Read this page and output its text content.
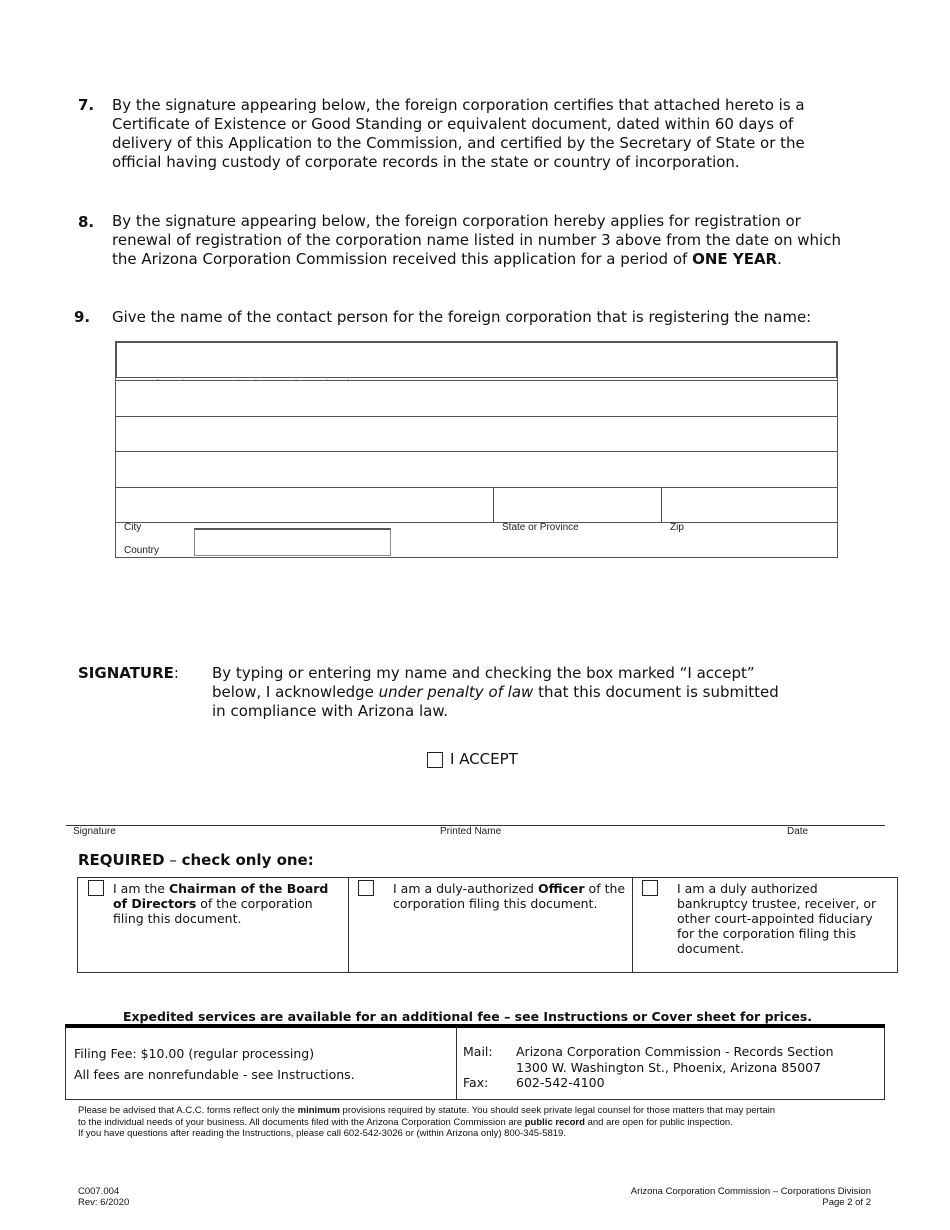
7. By the signature appearing below, the foreign corporation certifies that attached hereto is a
Certificate of Existence or Good Standing or equivalent document, dated within 60 days of
delivery of this Application to the Commission, and certified by the Secretary of State or the
official having custody of corporate records in the state or country of incorporation.
8. By the signature appearing below, the foreign corporation hereby applies for registration or
renewal of registration of the corporation name listed in number 3 above from the date on which
the Arizona Corporation Commission received this application for a period of ONE YEAR.
9. Give the name of the contact person for the foreign corporation that is registering the name:
City	State or Province	Zip
Country
SIGNATURE: By typing or entering my name and checking the box marked “I accept”
below, I acknowledge under penalty of law that this document is submitted
in compliance with Arizona law.
I ACCEPT
Signature	Printed Name	Date
REQUIRED – check only one:
I am the Chairman of the Board of Directors of the corporation filing this document.
I am a duly-authorized Officer of the corporation filing this document.
I am a duly authorized bankruptcy trustee, receiver, or other court-appointed fiduciary for the corporation filing this document.
Expedited services are available for an additional fee – see Instructions or Cover sheet for prices.
Filing Fee: $10.00 (regular processing)
All fees are nonrefundable - see Instructions.
Mail: Arizona Corporation Commission - Records Section
1300 W. Washington St., Phoenix, Arizona 85007
Fax: 602-542-4100
Please be advised that A.C.C. forms reflect only the minimum provisions required by statute. You should seek private legal counsel for those matters that may pertain
to the individual needs of your business. All documents filed with the Arizona Corporation Commission are public record and are open for public inspection.
If you have questions after reading the Instructions, please call 602-542-3026 or (within Arizona only) 800-345-5819.
C007.004
Rev: 6/2020
Arizona Corporation Commission – Corporations Division
Page 2 of 2
